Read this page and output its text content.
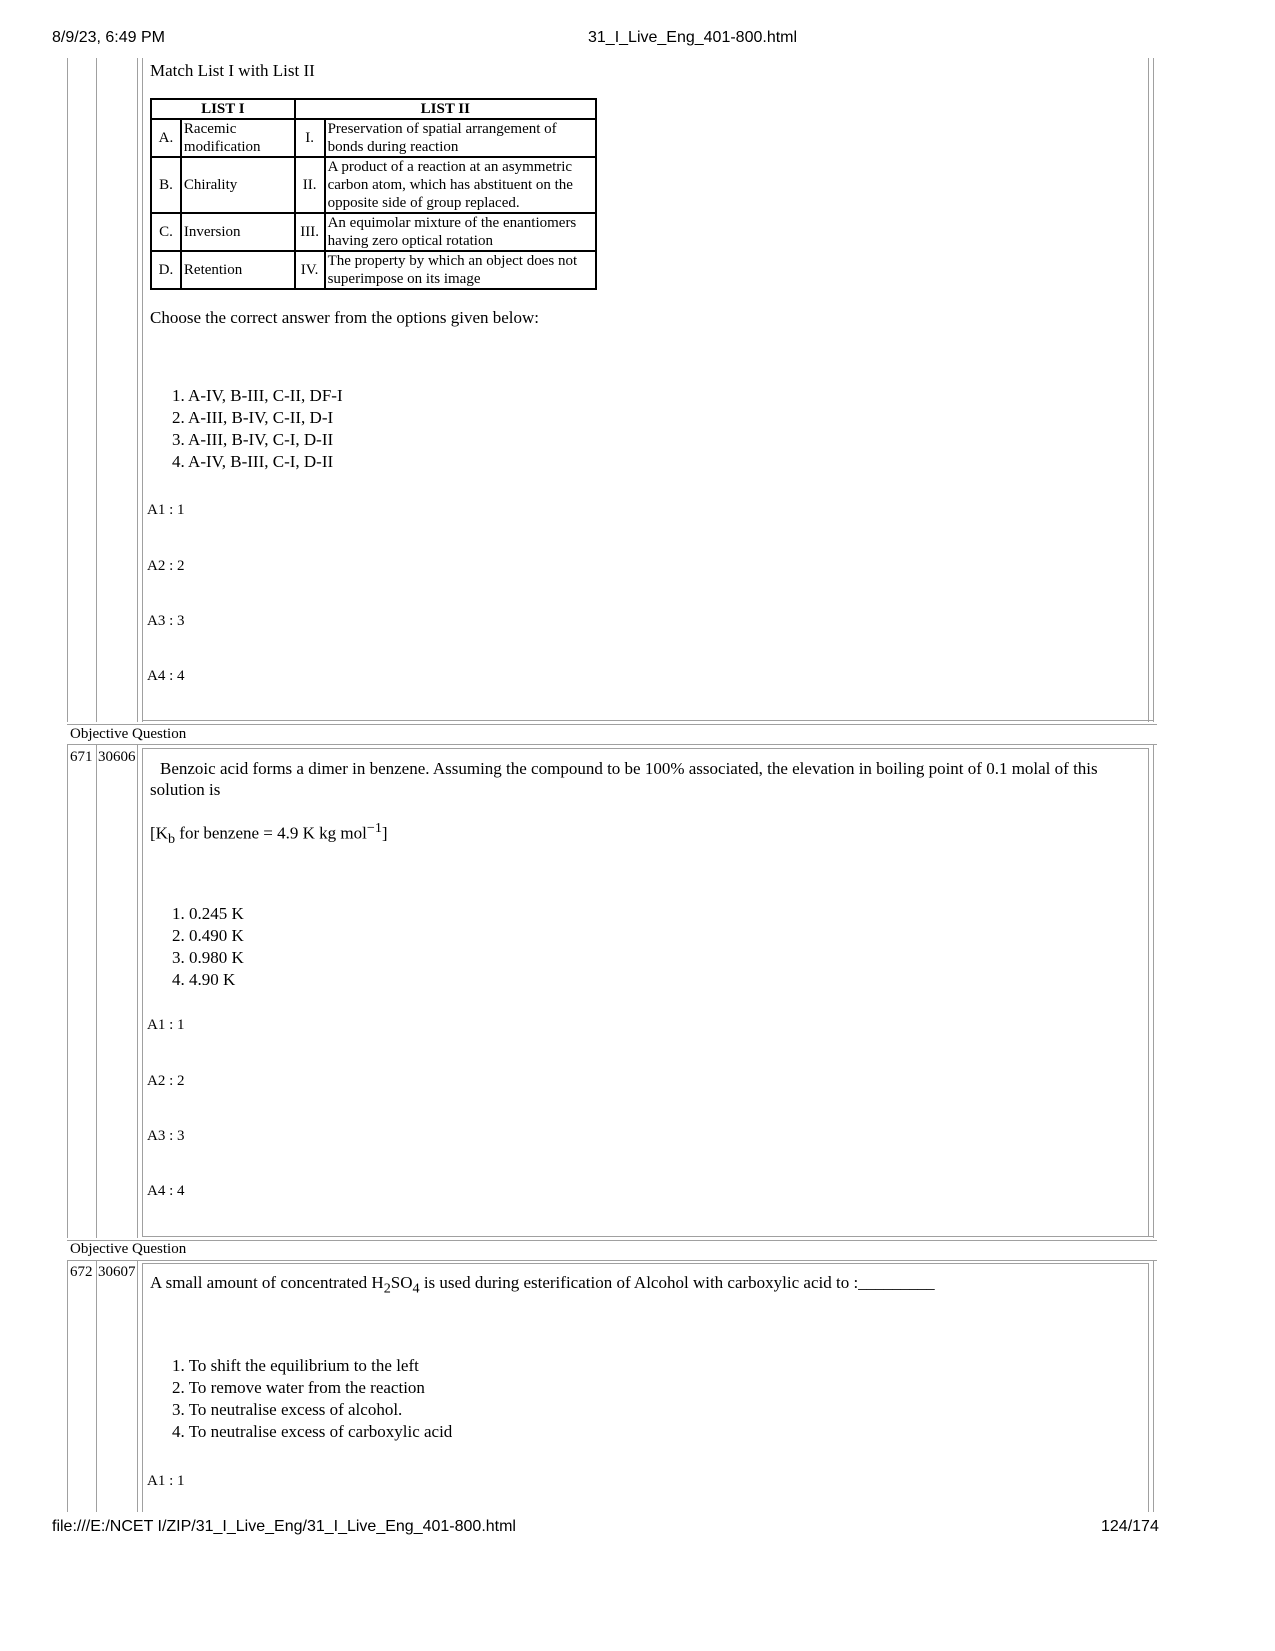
8/9/23, 6:49 PM	31_I_Live_Eng_401-800.html
Match List I with List II
LIST I		LIST II	
A.	Racemic modification	I.	Preservation of spatial arrangement of bonds during reaction
B.	Chirality	II.	A product of a reaction at an asymmetric carbon atom, which has abstituent on the opposite side of group replaced.
C.	Inversion	III.	An equimolar mixture of the enantiomers having zero optical rotation
D.	Retention	IV.	The property by which an object does not superimpose on its image
Choose the correct answer from the options given below:
1. A-IV, B-III, C-II, DF-I
2. A-III, B-IV, C-II, D-I
3. A-III, B-IV, C-I, D-II
4. A-IV, B-III, C-I, D-II
A1 : 1
A2 : 2
A3 : 3
A4 : 4
Objective Question
671 30606
Benzoic acid forms a dimer in benzene. Assuming the compound to be 100% associated, the elevation in boiling point of 0.1 molal of this solution is
[$K_b$ for benzene = 4.9 K kg mol$^{-1}$]
1. 0.245 K
2. 0.490 K
3. 0.980 K
4. 4.90 K
A1 : 1
A2 : 2
A3 : 3
A4 : 4
Objective Question
672 30607
A small amount of concentrated $H_2SO_4$ is used during esterification of Alcohol with carboxylic acid to :_________
1. To shift the equilibrium to the left
2. To remove water from the reaction
3. To neutralise excess of alcohol.
4. To neutralise excess of carboxylic acid
A1 : 1
file:///E:/NCET I/ZIP/31_I_Live_Eng/31_I_Live_Eng_401-800.html	124/174
